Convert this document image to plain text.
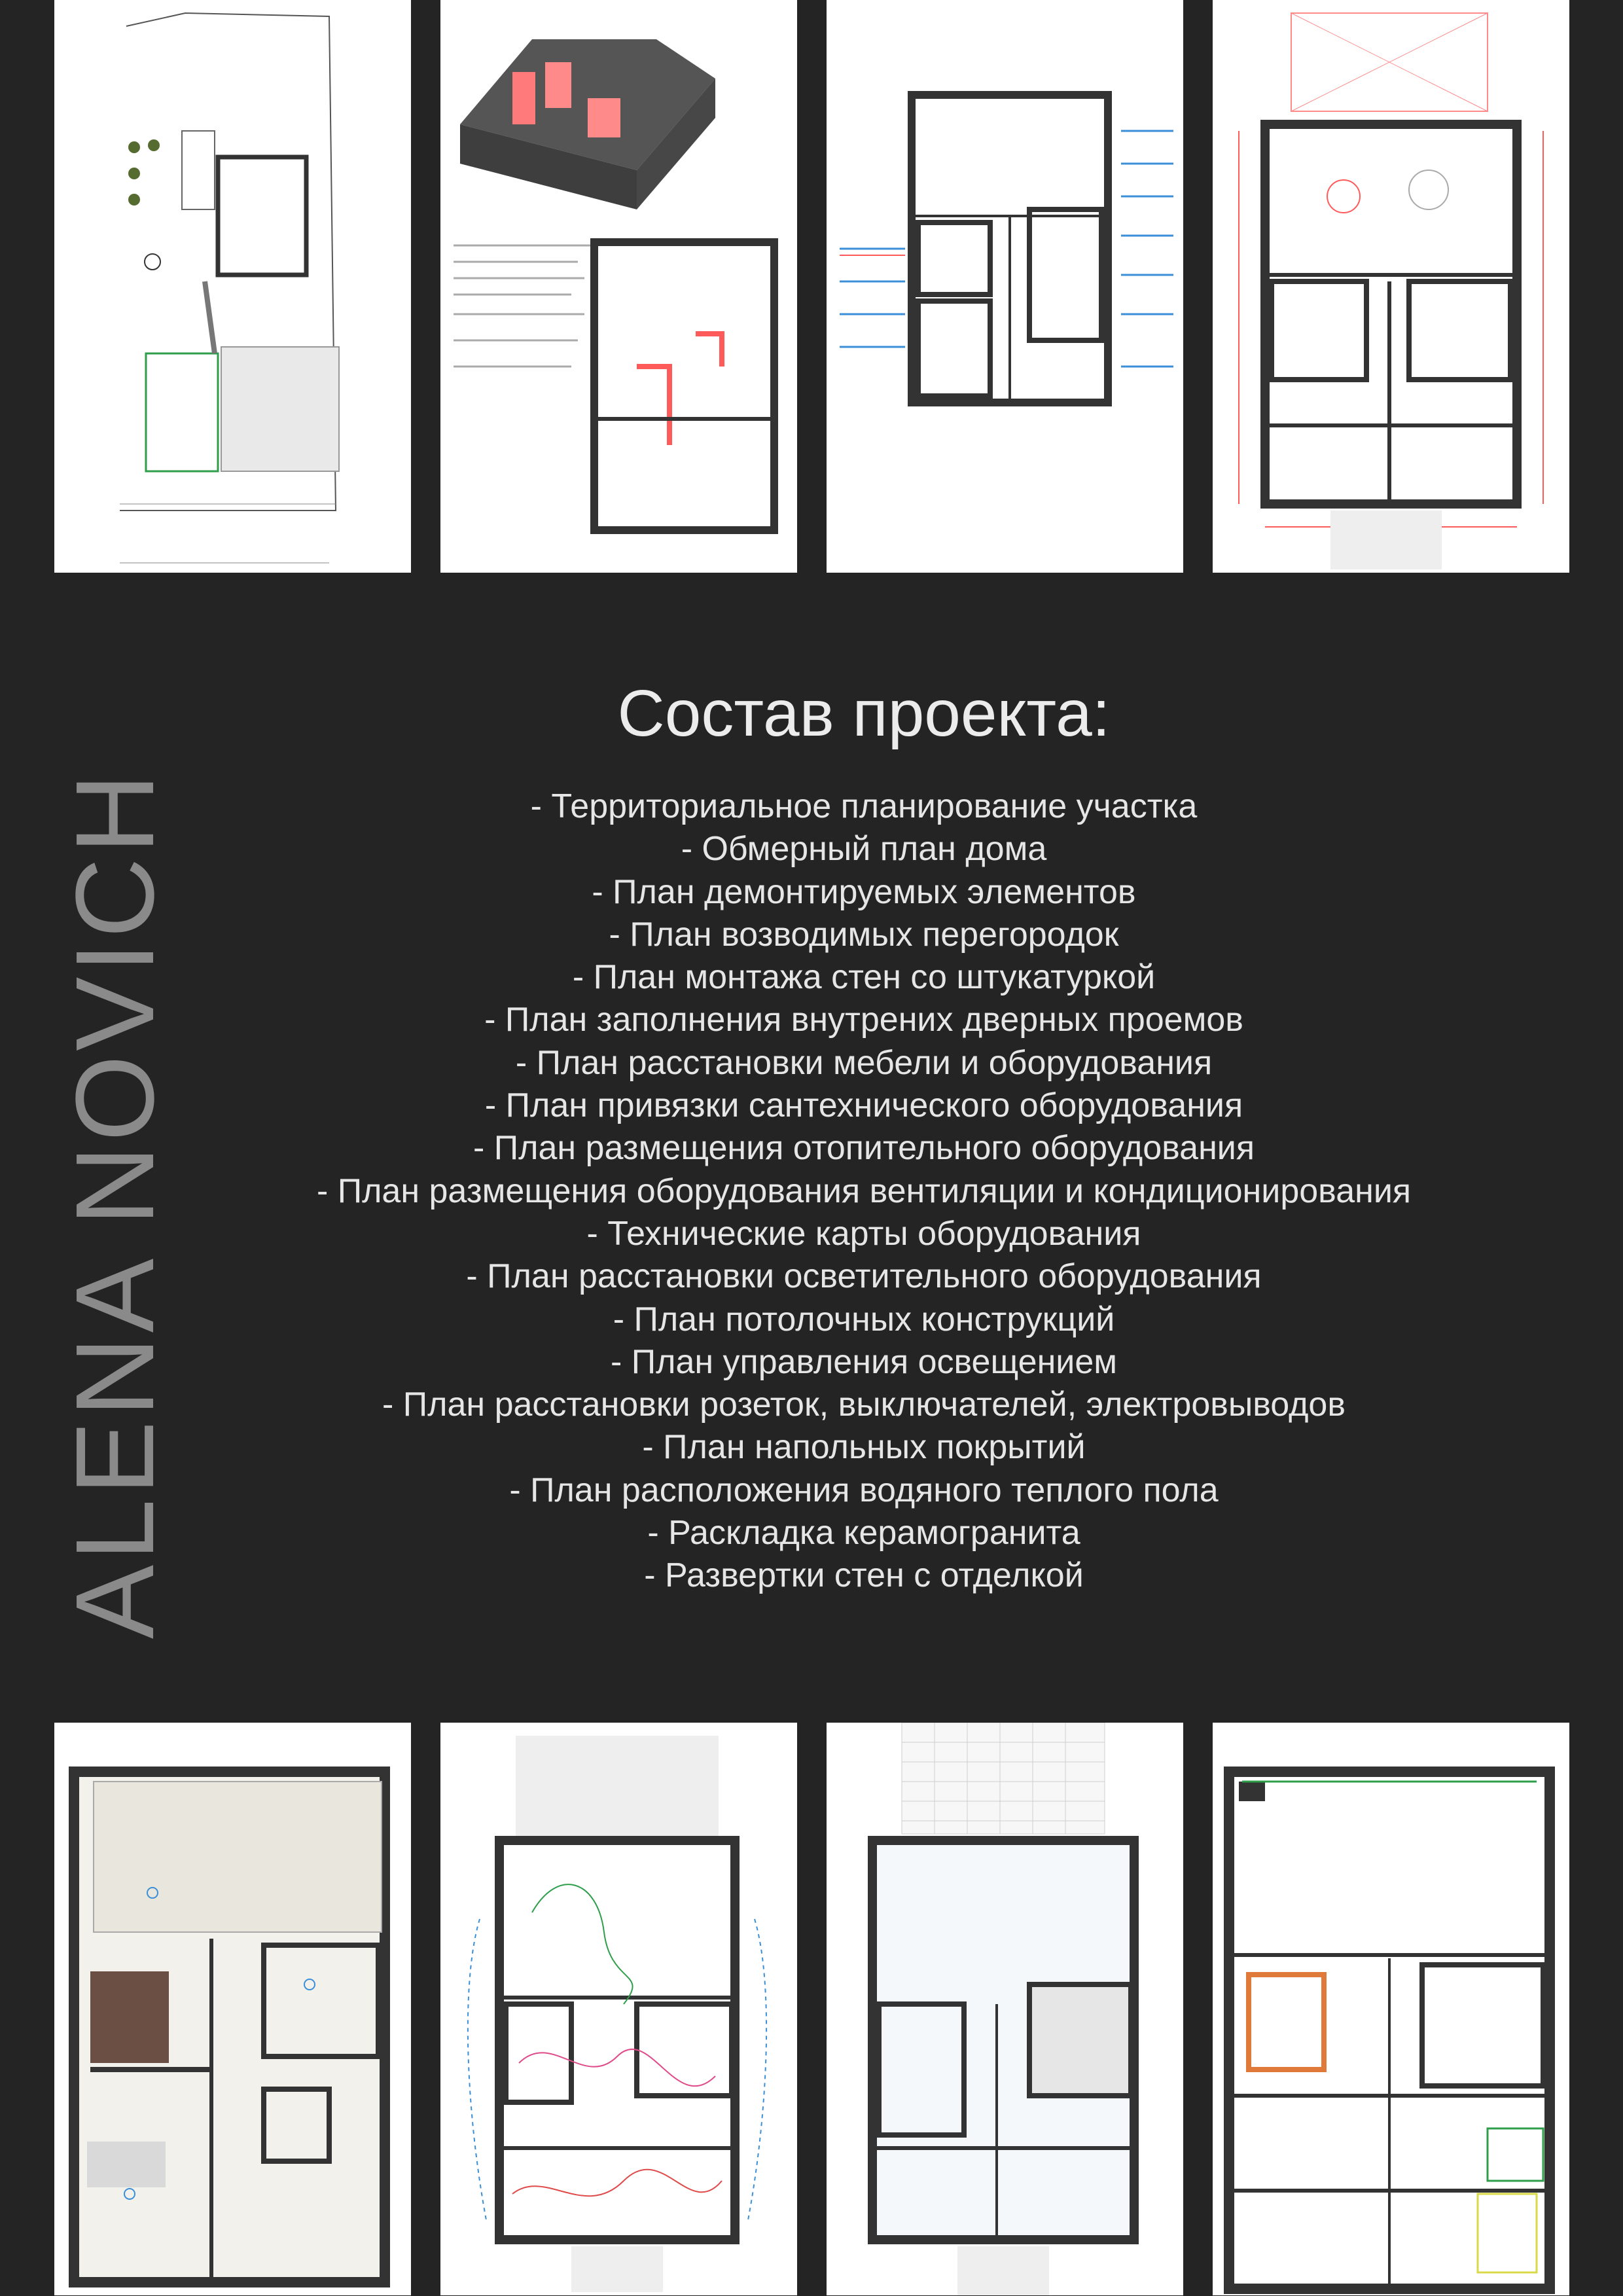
ALENA NOVICH
Состав проекта:
- Территориальное планирование участка
- Обмерный план дома
- План демонтируемых элементов
- План возводимых перегородок
- План монтажа стен со штукатуркой
- План заполнения внутрених дверных проемов
- План расстановки мебели и оборудования
- План привязки сантехнического оборудования
- План размещения отопительного оборудования
- План размещения оборудования вентиляции и кондиционирования
- Технические карты оборудования
- План расстановки осветительного оборудования
- План потолочных конструкций
- План управления освещением
- План расстановки розеток, выключателей, электровыводов
- План напольных покрытий
- План расположения водяного теплого пола
- Раскладка керамогранита
- Развертки стен с отделкой
